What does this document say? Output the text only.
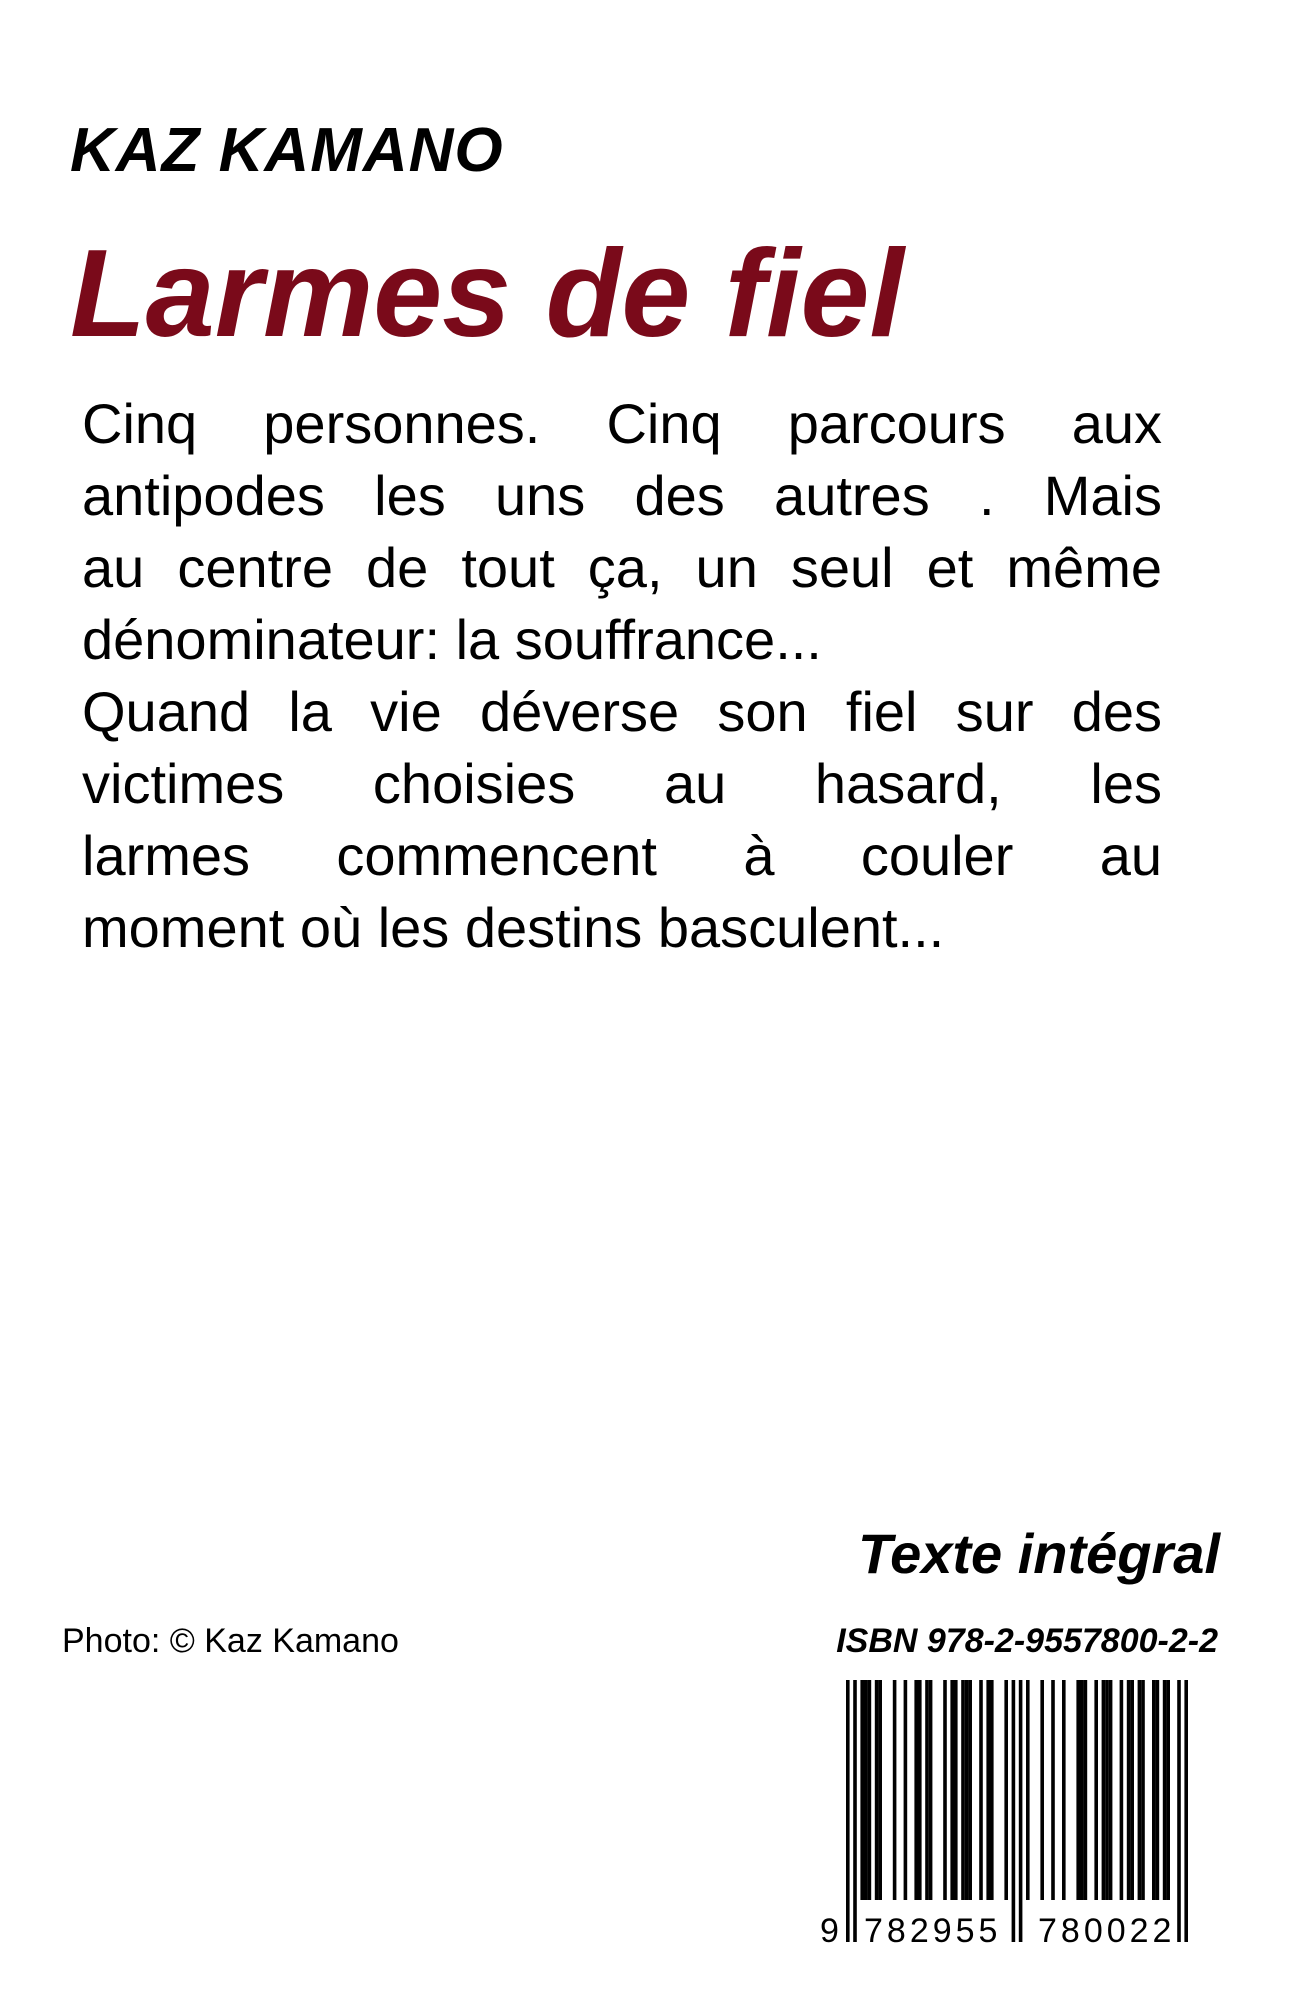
KAZ KAMANO
Larmes de fiel
Cinq personnes. Cinq parcours aux
antipodes les uns des autres . Mais
au centre de tout ça, un seul et même
dénominateur: la souffrance...
Quand la vie déverse son fiel sur des
victimes choisies au hasard, les
larmes commencent à couler au
moment où les destins basculent...
Texte intégral
Photo: © Kaz Kamano	ISBN 978-2-9557800-2-2
9 782955 780022
